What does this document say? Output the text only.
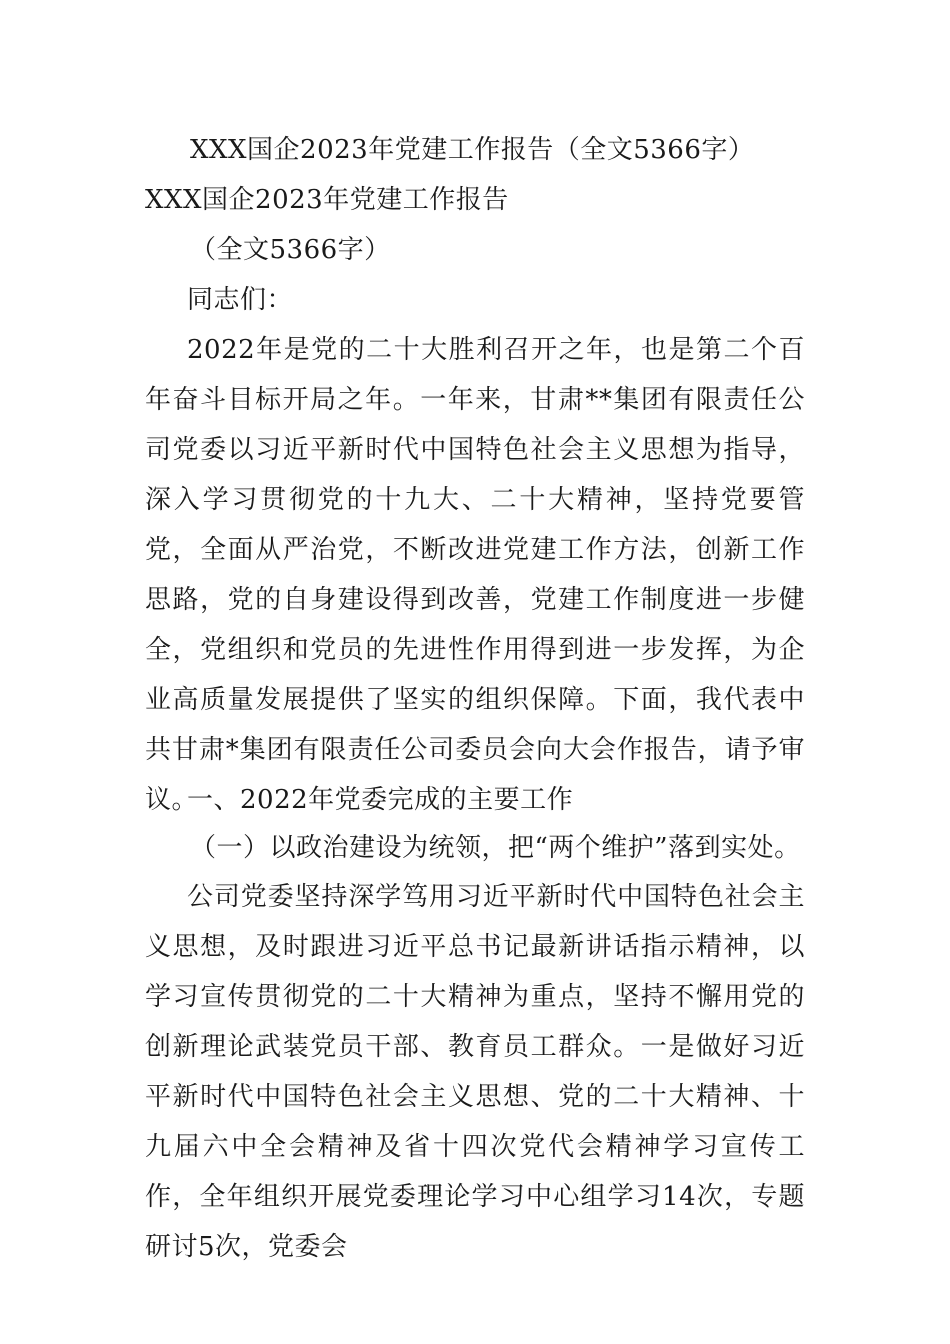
XXX国企2023年党建工作报告（全文5366字）
XXX国企2023年党建工作报告
（全文5366字）
同志们：
2022年是党的二十大胜利召开之年，也是第二个百年奋斗目标开局之年。一年来，甘肃**集团有限责任公司党委以习近平新时代中国特色社会主义思想为指导，深入学习贯彻党的十九大、二十大精神，坚持党要管党，全面从严治党，不断改进党建工作方法，创新工作思路，党的自身建设得到改善，党建工作制度进一步健全，党组织和党员的先进性作用得到进一步发挥，为企业高质量发展提供了坚实的组织保障。下面，我代表中共甘肃*集团有限责任公司委员会向大会作报告，请予审议。
一、2022年党委完成的主要工作
（一）以政治建设为统领，把“两个维护”落到实处。
公司党委坚持深学笃用习近平新时代中国特色社会主义思想，及时跟进习近平总书记最新讲话指示精神，以学习宣传贯彻党的二十大精神为重点，坚持不懈用党的创新理论武装党员干部、教育员工群众。一是做好习近平新时代中国特色社会主义思想、党的二十大精神、十九届六中全会精神及省十四次党代会精神学习宣传工作，全年组织开展党委理论学习中心组学习14次，专题研讨5次，党委会
